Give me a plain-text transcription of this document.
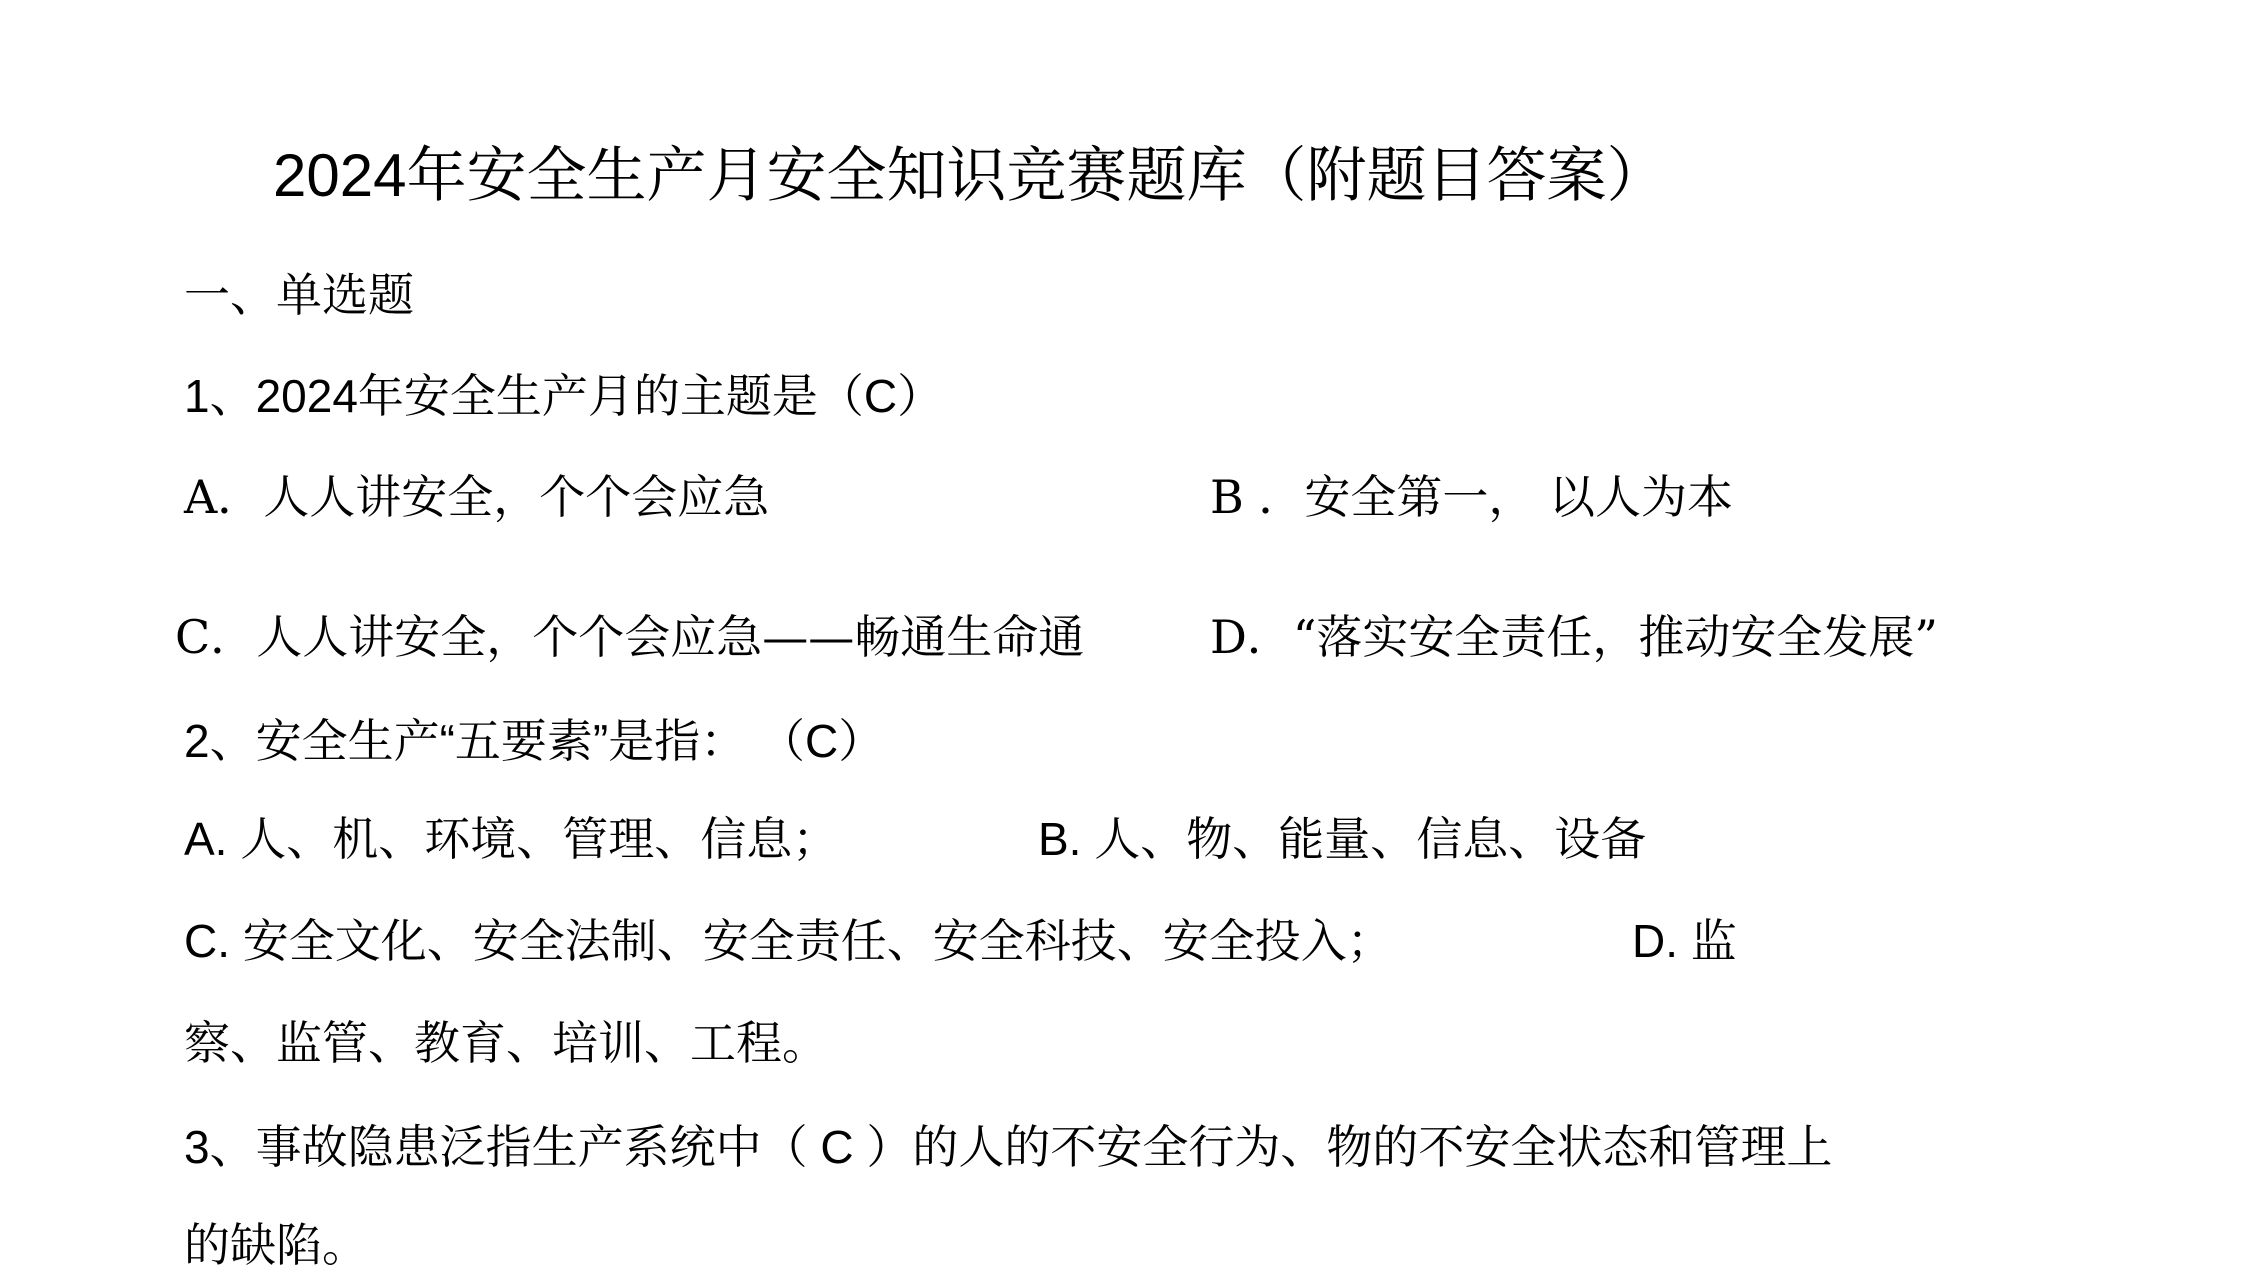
2024年安全生产月安全知识竞赛题库（附题目答案）
一、单选题
1、2024年安全生产月的主题是（C）
A．人人讲安全，个个会应急	B ．安全第一， 以人为本
C．人人讲安全，个个会应急——畅通生命通	D．“落实安全责任，推动安全发展”
2、安全生产“五要素”是指： （C）
A. 人、机、环境、管理、信息；	B. 人、物、能量、信息、设备
C. 安全文化、安全法制、安全责任、安全科技、安全投入；	D. 监
察、监管、教育、培训、工程。
3、事故隐患泛指生产系统中（ C ）的人的不安全行为、物的不安全状态和管理上
的缺陷。
